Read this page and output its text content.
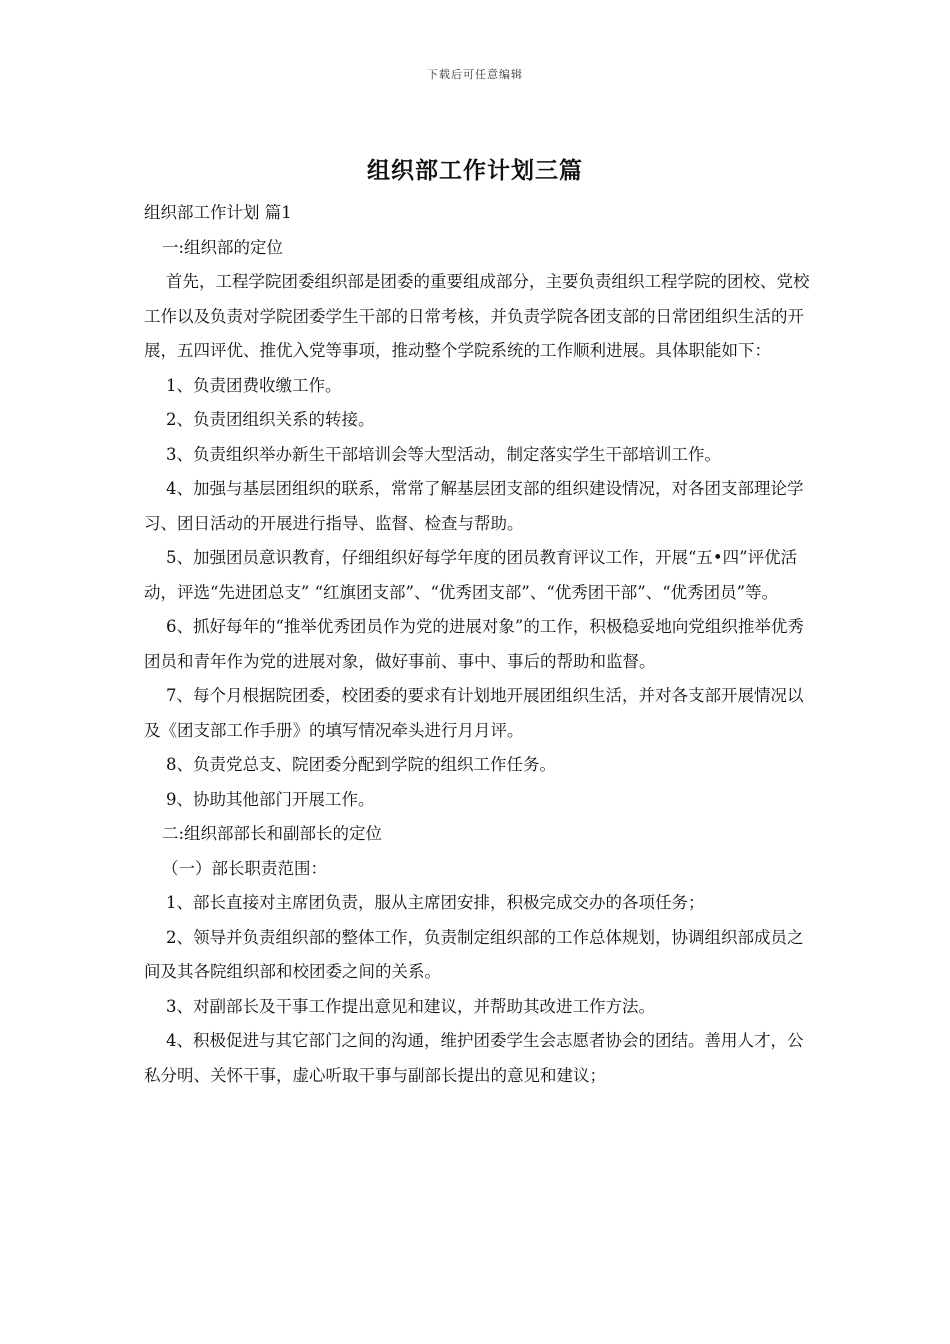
下载后可任意编辑
组织部工作计划三篇

组织部工作计划 篇1

一:组织部的定位

首先，工程学院团委组织部是团委的重要组成部分，主要负责组织工程学院的团校、党校工作以及负责对学院团委学生干部的日常考核，并负责学院各团支部的日常团组织生活的开展，五四评优、推优入党等事项，推动整个学院系统的工作顺利进展。具体职能如下：

1、负责团费收缴工作。

2、负责团组织关系的转接。

3、负责组织举办新生干部培训会等大型活动，制定落实学生干部培训工作。

4、加强与基层团组织的联系，常常了解基层团支部的组织建设情况，对各团支部理论学习、团日活动的开展进行指导、监督、检查与帮助。

5、加强团员意识教育，仔细组织好每学年度的团员教育评议工作，开展“五•四”评优活动，评选“先进团总支” “红旗团支部”、“优秀团支部”、“优秀团干部”、“优秀团员”等。

6、抓好每年的“推举优秀团员作为党的进展对象”的工作，积极稳妥地向党组织推举优秀团员和青年作为党的进展对象，做好事前、事中、事后的帮助和监督。

7、每个月根据院团委，校团委的要求有计划地开展团组织生活，并对各支部开展情况以及《团支部工作手册》的填写情况牵头进行月月评。

8、负责党总支、院团委分配到学院的组织工作任务。

9、协助其他部门开展工作。

二:组织部部长和副部长的定位

（一）部长职责范围：

1、部长直接对主席团负责，服从主席团安排，积极完成交办的各项任务；

2、领导并负责组织部的整体工作，负责制定组织部的工作总体规划，协调组织部成员之间及其各院组织部和校团委之间的关系。

3、对副部长及干事工作提出意见和建议，并帮助其改进工作方法。

4、积极促进与其它部门之间的沟通，维护团委学生会志愿者协会的团结。善用人才，公私分明、关怀干事，虚心听取干事与副部长提出的意见和建议；
